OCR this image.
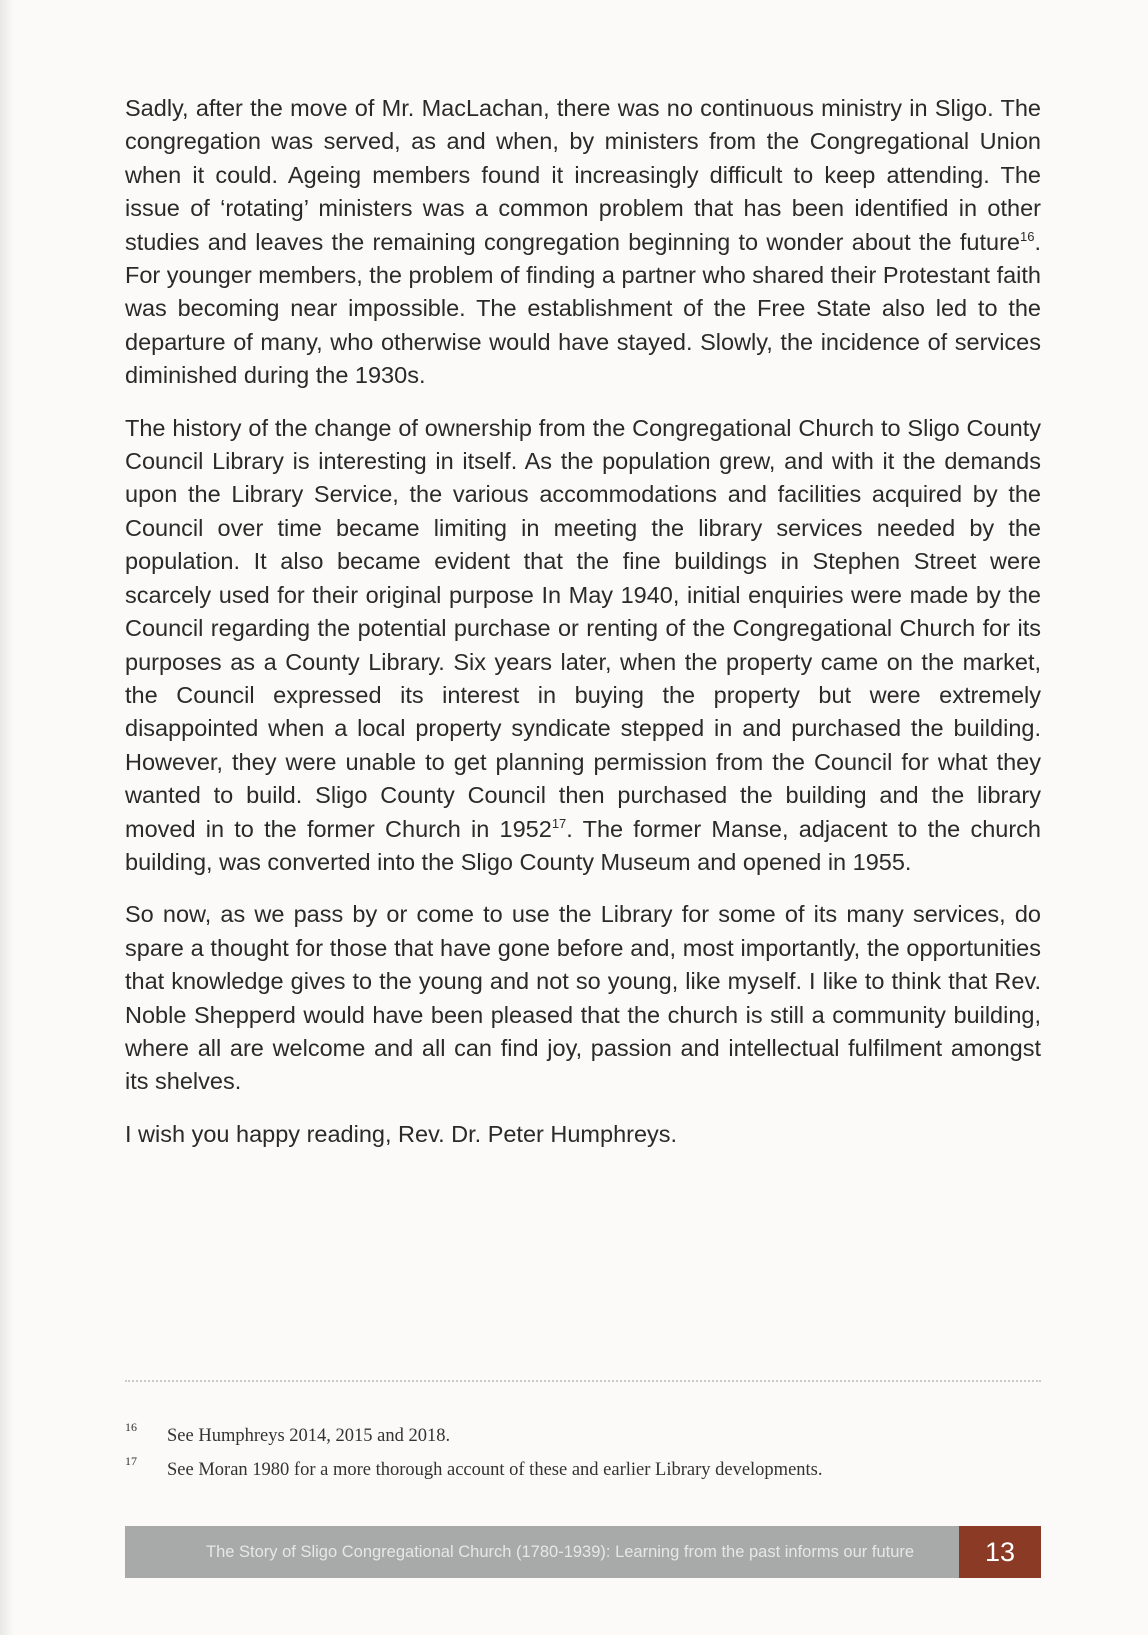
Sadly, after the move of Mr. MacLachan, there was no continuous ministry in Sligo. The congregation was served, as and when, by ministers from the Congregational Union when it could. Ageing members found it increasingly difficult to keep attending. The issue of ‘rotating’ ministers was a common problem that has been identified in other studies and leaves the remaining congregation beginning to wonder about the future$^{16}$. For younger members, the problem of finding a partner who shared their Protestant faith was becoming near impossible. The establishment of the Free State also led to the departure of many, who otherwise would have stayed. Slowly, the incidence of services diminished during the 1930s.

The history of the change of ownership from the Congregational Church to Sligo County Council Library is interesting in itself. As the population grew, and with it the demands upon the Library Service, the various accommodations and facilities acquired by the Council over time became limiting in meeting the library services needed by the population. It also became evident that the fine buildings in Stephen Street were scarcely used for their original purpose In May 1940, initial enquiries were made by the Council regarding the potential purchase or renting of the Congregational Church for its purposes as a County Library. Six years later, when the property came on the market, the Council expressed its interest in buying the property but were extremely disappointed when a local property syndicate stepped in and purchased the building. However, they were unable to get planning permission from the Council for what they wanted to build. Sligo County Council then purchased the building and the library moved in to the former Church in 1952$^{17}$. The former Manse, adjacent to the church building, was converted into the Sligo County Museum and opened in 1955.

So now, as we pass by or come to use the Library for some of its many services, do spare a thought for those that have gone before and, most importantly, the opportunities that knowledge gives to the young and not so young, like myself. I like to think that Rev. Noble Shepperd would have been pleased that the church is still a community building, where all are welcome and all can find joy, passion and intellectual fulfilment amongst its shelves.

I wish you happy reading, Rev. Dr. Peter Humphreys.

16 See Humphreys 2014, 2015 and 2018.
17 See Moran 1980 for a more thorough account of these and earlier Library developments.
The Story of Sligo Congregational Church (1780-1939): Learning from the past informs our future	13
